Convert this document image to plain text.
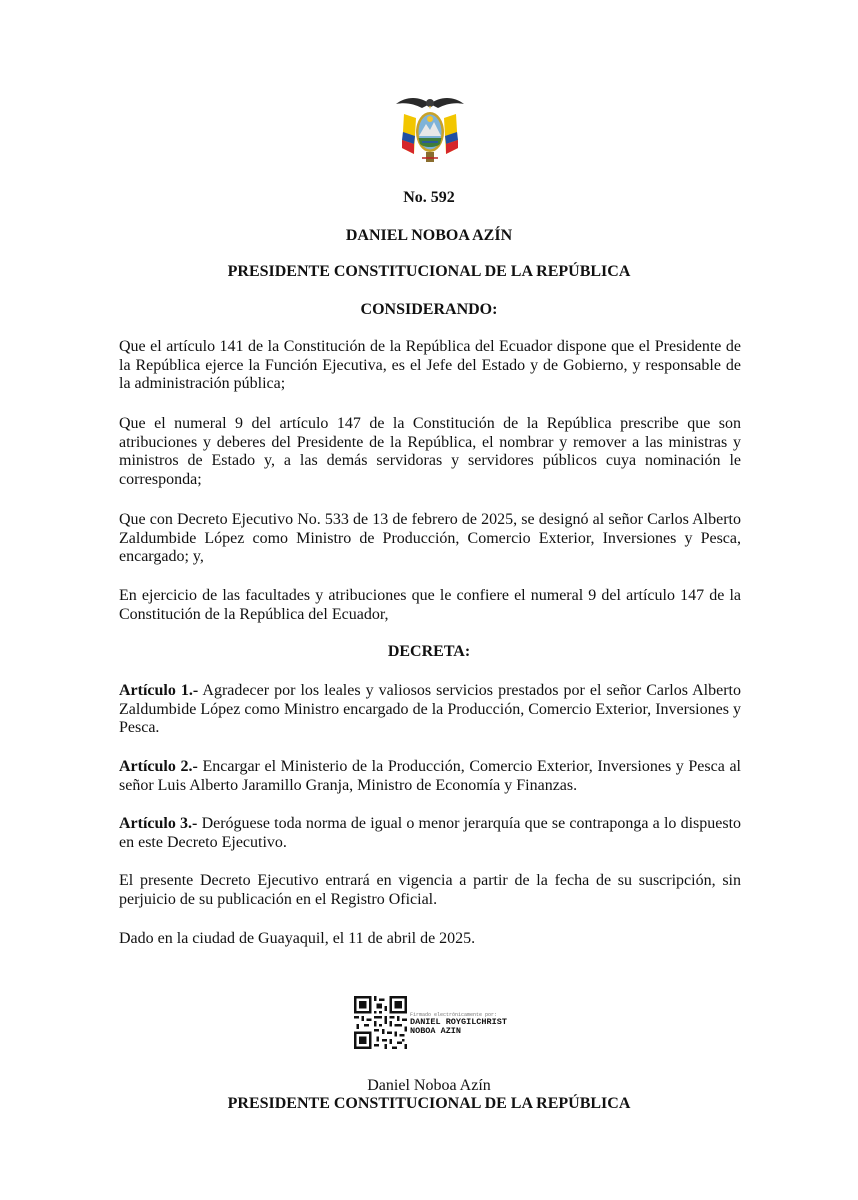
No. 592
DANIEL NOBOA AZÍN
PRESIDENTE CONSTITUCIONAL DE LA REPÚBLICA
CONSIDERANDO:
Que el artículo 141 de la Constitución de la República del Ecuador dispone que el Presidente de la República ejerce la Función Ejecutiva, es el Jefe del Estado y de Gobierno, y responsable de la administración pública;
Que el numeral 9 del artículo 147 de la Constitución de la República prescribe que son atribuciones y deberes del Presidente de la República, el nombrar y remover a las ministras y ministros de Estado y, a las demás servidoras y servidores públicos cuya nominación le corresponda;
Que con Decreto Ejecutivo No. 533 de 13 de febrero de 2025, se designó al señor Carlos Alberto Zaldumbide López como Ministro de Producción, Comercio Exterior, Inversiones y Pesca, encargado; y,
En ejercicio de las facultades y atribuciones que le confiere el numeral 9 del artículo 147 de la Constitución de la República del Ecuador,
DECRETA:
Artículo 1.- Agradecer por los leales y valiosos servicios prestados por el señor Carlos Alberto Zaldumbide López como Ministro encargado de la Producción, Comercio Exterior, Inversiones y Pesca.
Artículo 2.- Encargar el Ministerio de la Producción, Comercio Exterior, Inversiones y Pesca al señor Luis Alberto Jaramillo Granja, Ministro de Economía y Finanzas.
Artículo 3.- Deróguese toda norma de igual o menor jerarquía que se contraponga a lo dispuesto en este Decreto Ejecutivo.
El presente Decreto Ejecutivo entrará en vigencia a partir de la fecha de su suscripción, sin perjuicio de su publicación en el Registro Oficial.
Dado en la ciudad de Guayaquil, el 11 de abril de 2025.
Firmado electrónicamente por:
DANIEL ROYGILCHRIST
NOBOA AZIN
Daniel Noboa Azín
PRESIDENTE CONSTITUCIONAL DE LA REPÚBLICA
